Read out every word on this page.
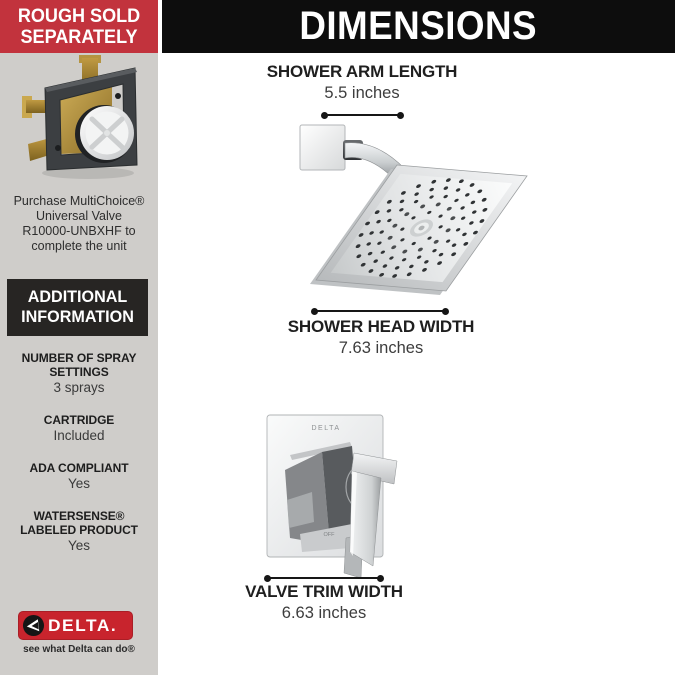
ROUGH SOLD
SEPARATELY
Purchase MultiChoice®
Universal Valve
R10000-UNBXHF to
complete the unit
ADDITIONAL
INFORMATION
NUMBER OF SPRAY SETTINGS
3 sprays
CARTRIDGE
Included
ADA COMPLIANT
Yes
WATERSENSE® LABELED PRODUCT
Yes
DELTA.
see what Delta can do®
DIMENSIONS
SHOWER ARM LENGTH
5.5 inches
SHOWER HEAD WIDTH
7.63 inches
DELTA
OFF
VALVE TRIM WIDTH
6.63 inches
